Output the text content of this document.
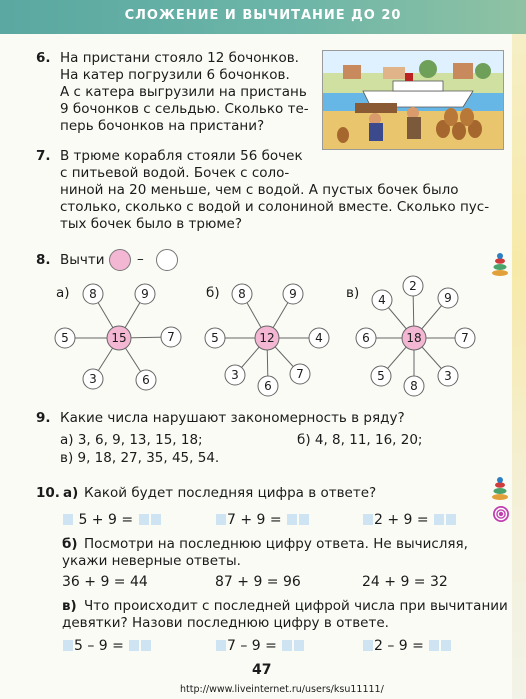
СЛОЖЕНИЕ И ВЫЧИТАНИЕ ДО 20
6. На пристани стояло 12 бочонков.
На катер погрузили 6 бочонков.
А с катера выгрузили на пристань
9 бочонков с сельдью. Сколько те-
перь бочонков на пристани?
7. В трюме корабля стояли 56 бочек
с питьевой водой. Бочек с соло-
ниной на 20 меньше, чем с водой. А пустых бочек было
столько, сколько с водой и солониной вместе. Сколько пус-
тых бочек было в трюме?
8. Вычти –
а)
15
8	9
7
6
3
5
б)
12
8	9
4
7
6
3
5
в)
18
2
9
7
3
8
5
6
4
9. Какие числа нарушают закономерность в ряду?
а) 3, 6, 9, 13, 15, 18;	б) 4, 8, 11, 16, 20;
в) 9, 18, 27, 35, 45, 54.
10. а) Какой будет последняя цифра в ответе?
5 + 9 =	7 + 9 =	2 + 9 =
б) Посмотри на последнюю цифру ответа. Не вычисляя,
укажи неверные ответы.
36 + 9 = 44	87 + 9 = 96	24 + 9 = 32
в) Что происходит с последней цифрой числа при вычитании
девятки? Назови последнюю цифру в ответе.
5 – 9 =	7 – 9 =	2 – 9 =
47
http://www.liveinternet.ru/users/ksu11111/
